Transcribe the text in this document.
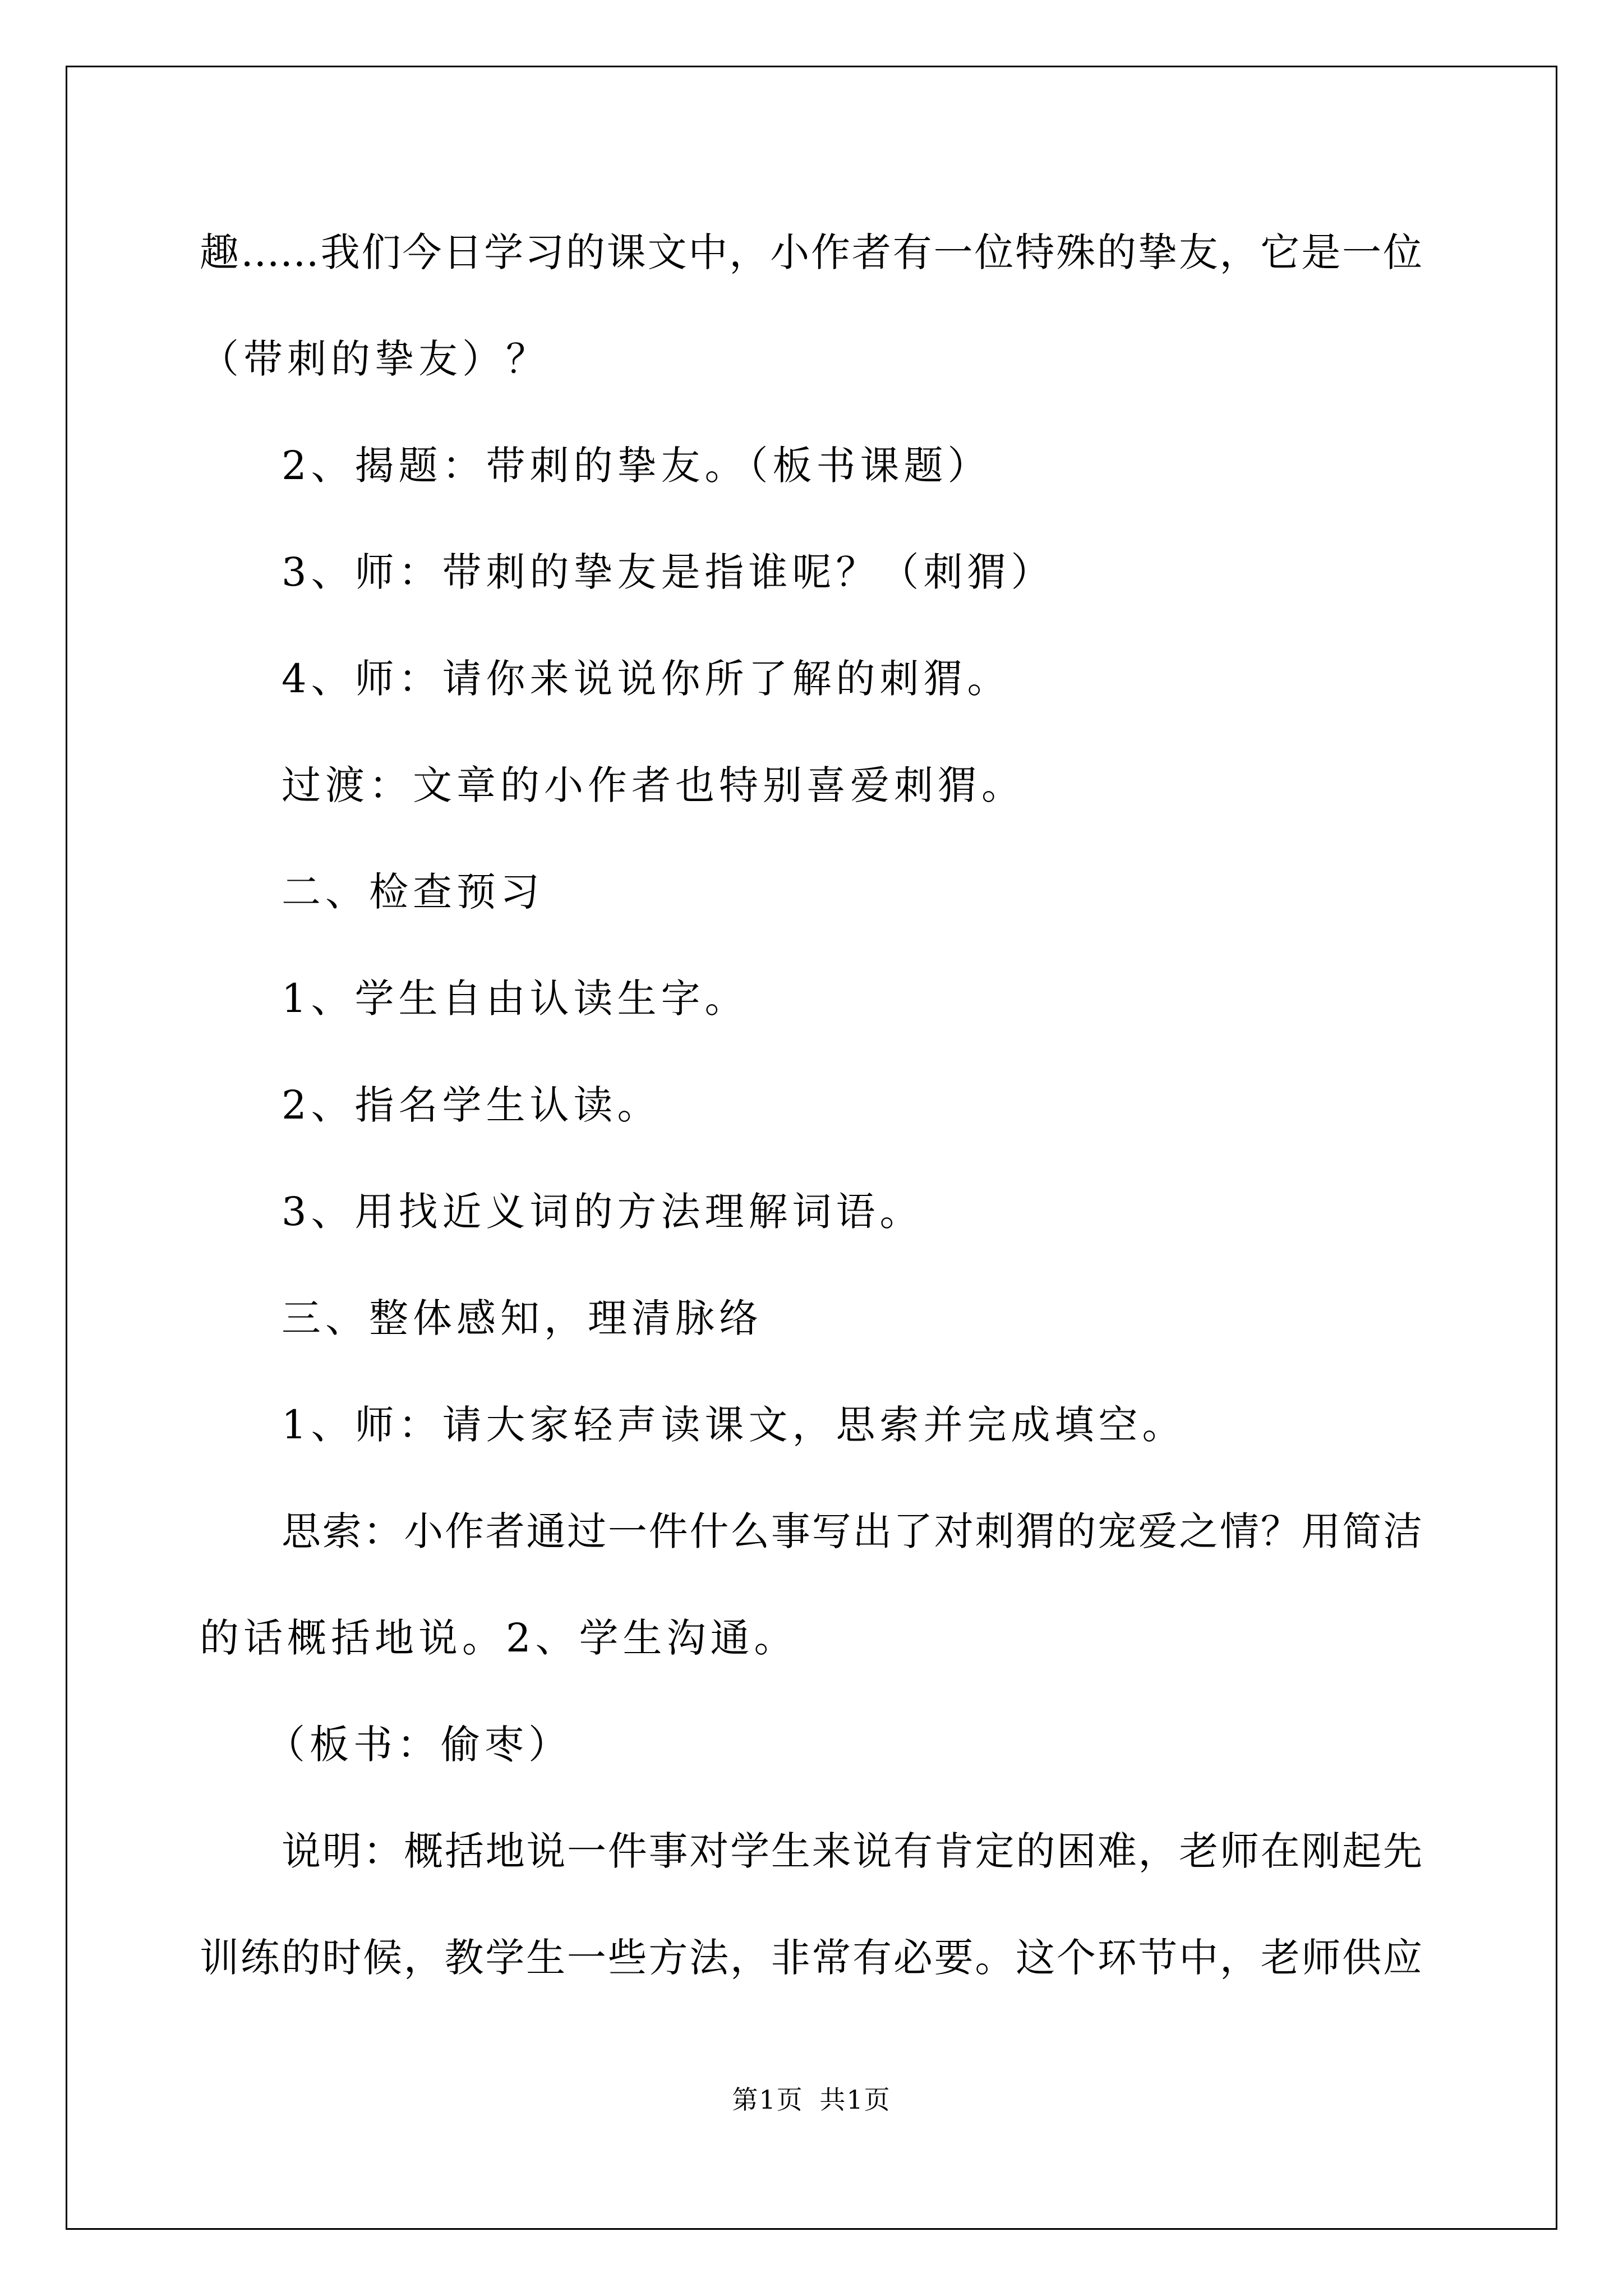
趣……我们今日学习的课文中，小作者有一位特殊的挚友，它是一位
（带刺的挚友）？
2、揭题：带刺的挚友。（板书课题）
3、师：带刺的挚友是指谁呢？（刺猬）
4、师：请你来说说你所了解的刺猬。
过渡：文章的小作者也特别喜爱刺猬。
二、检查预习
1、学生自由认读生字。
2、指名学生认读。
3、用找近义词的方法理解词语。
三、整体感知，理清脉络
1、师：请大家轻声读课文，思索并完成填空。
思索：小作者通过一件什么事写出了对刺猬的宠爱之情？用简洁
的话概括地说。2、学生沟通。
（板书：偷枣）
说明：概括地说一件事对学生来说有肯定的困难，老师在刚起先
训练的时候，教学生一些方法，非常有必要。这个环节中，老师供应
第1页 共1页
